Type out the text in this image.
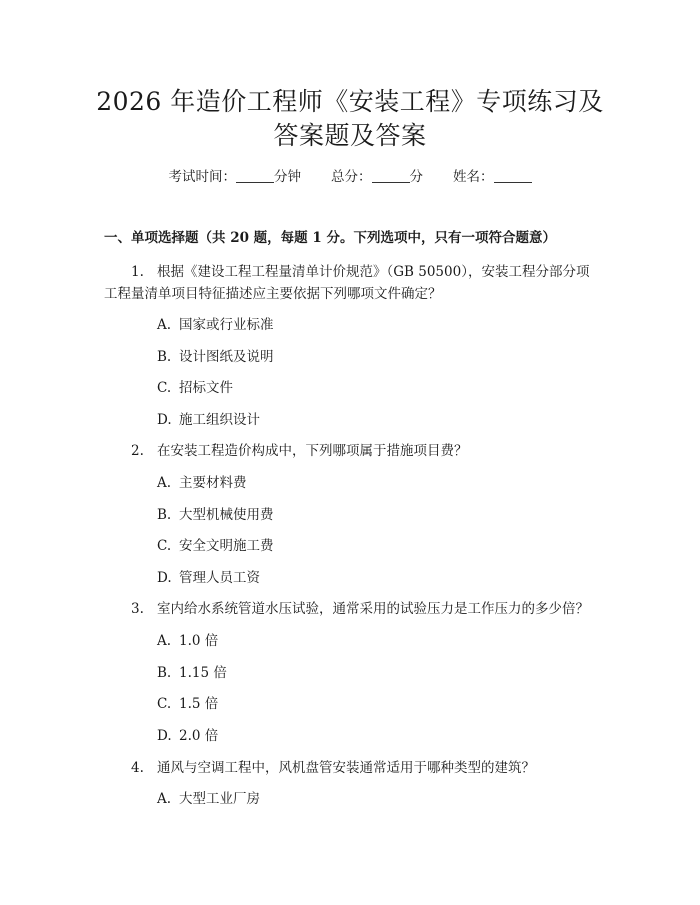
2026 年造价工程师《安装工程》专项练习及
答案题及答案
考试时间：	分钟 总分：	分 姓名：
一、单项选择题（共 20 题，每题 1 分。下列选项中，只有一项符合题意）
1. 根据《建设工程工程量清单计价规范》（GB 50500），安装工程分部分项
工程量清单项目特征描述应主要依据下列哪项文件确定？
A. 国家或行业标准
B. 设计图纸及说明
C. 招标文件
D. 施工组织设计
2. 在安装工程造价构成中，下列哪项属于措施项目费？
A. 主要材料费
B. 大型机械使用费
C. 安全文明施工费
D. 管理人员工资
3. 室内给水系统管道水压试验，通常采用的试验压力是工作压力的多少倍？
A. 1.0 倍
B. 1.15 倍
C. 1.5 倍
D. 2.0 倍
4. 通风与空调工程中，风机盘管安装通常适用于哪种类型的建筑？
A. 大型工业厂房
